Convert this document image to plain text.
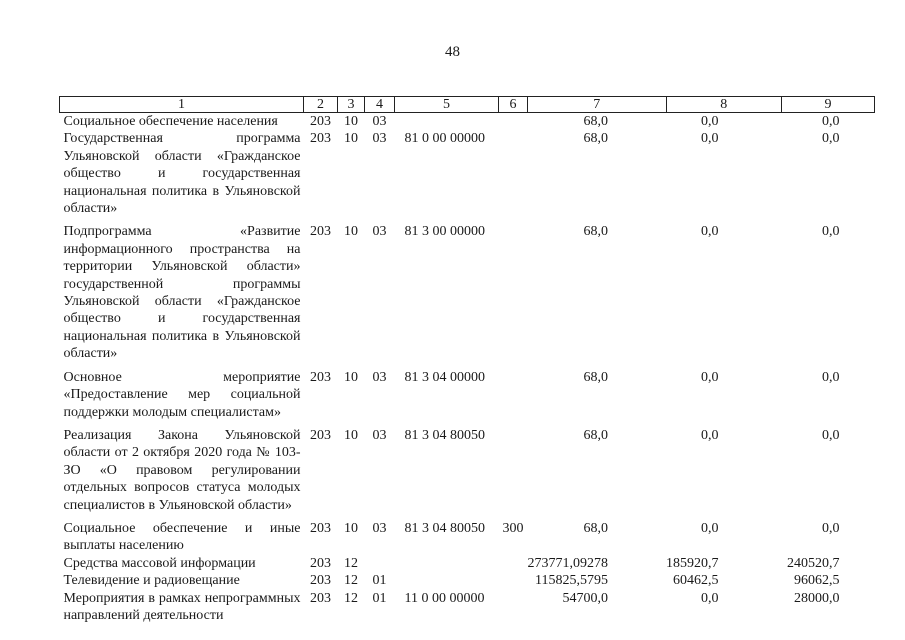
48
1	2	3	4	5	6	7	8	9
Социальное обеспечение населения	203	10	03			68,0	0,0	0,0
Государственная программа Ульяновской области «Гражданское общество и государственная национальная политика в Ульяновской области»	203	10	03	81 0 00 00000		68,0	0,0	0,0
Подпрограмма «Развитие информационного пространства на территории Ульяновской области» государственной программы Ульяновской области «Гражданское общество и государственная национальная политика в Ульяновской области»	203	10	03	81 3 00 00000		68,0	0,0	0,0
Основное мероприятие «Предоставление мер социальной поддержки молодым специалистам»	203	10	03	81 3 04 00000		68,0	0,0	0,0
Реализация Закона Ульяновской области от 2 октября 2020 года № 103-ЗО «О правовом регулировании отдельных вопросов статуса молодых специалистов в Ульяновской области»	203	10	03	81 3 04 80050		68,0	0,0	0,0
Социальное обеспечение и иные выплаты населению	203	10	03	81 3 04 80050	300	68,0	0,0	0,0
Средства массовой информации	203	12				273771,09278	185920,7	240520,7
Телевидение и радиовещание	203	12	01			115825,5795	60462,5	96062,5
Мероприятия в рамках непрограммных направлений деятельности	203	12	01	11 0 00 00000		54700,0	0,0	28000,0
